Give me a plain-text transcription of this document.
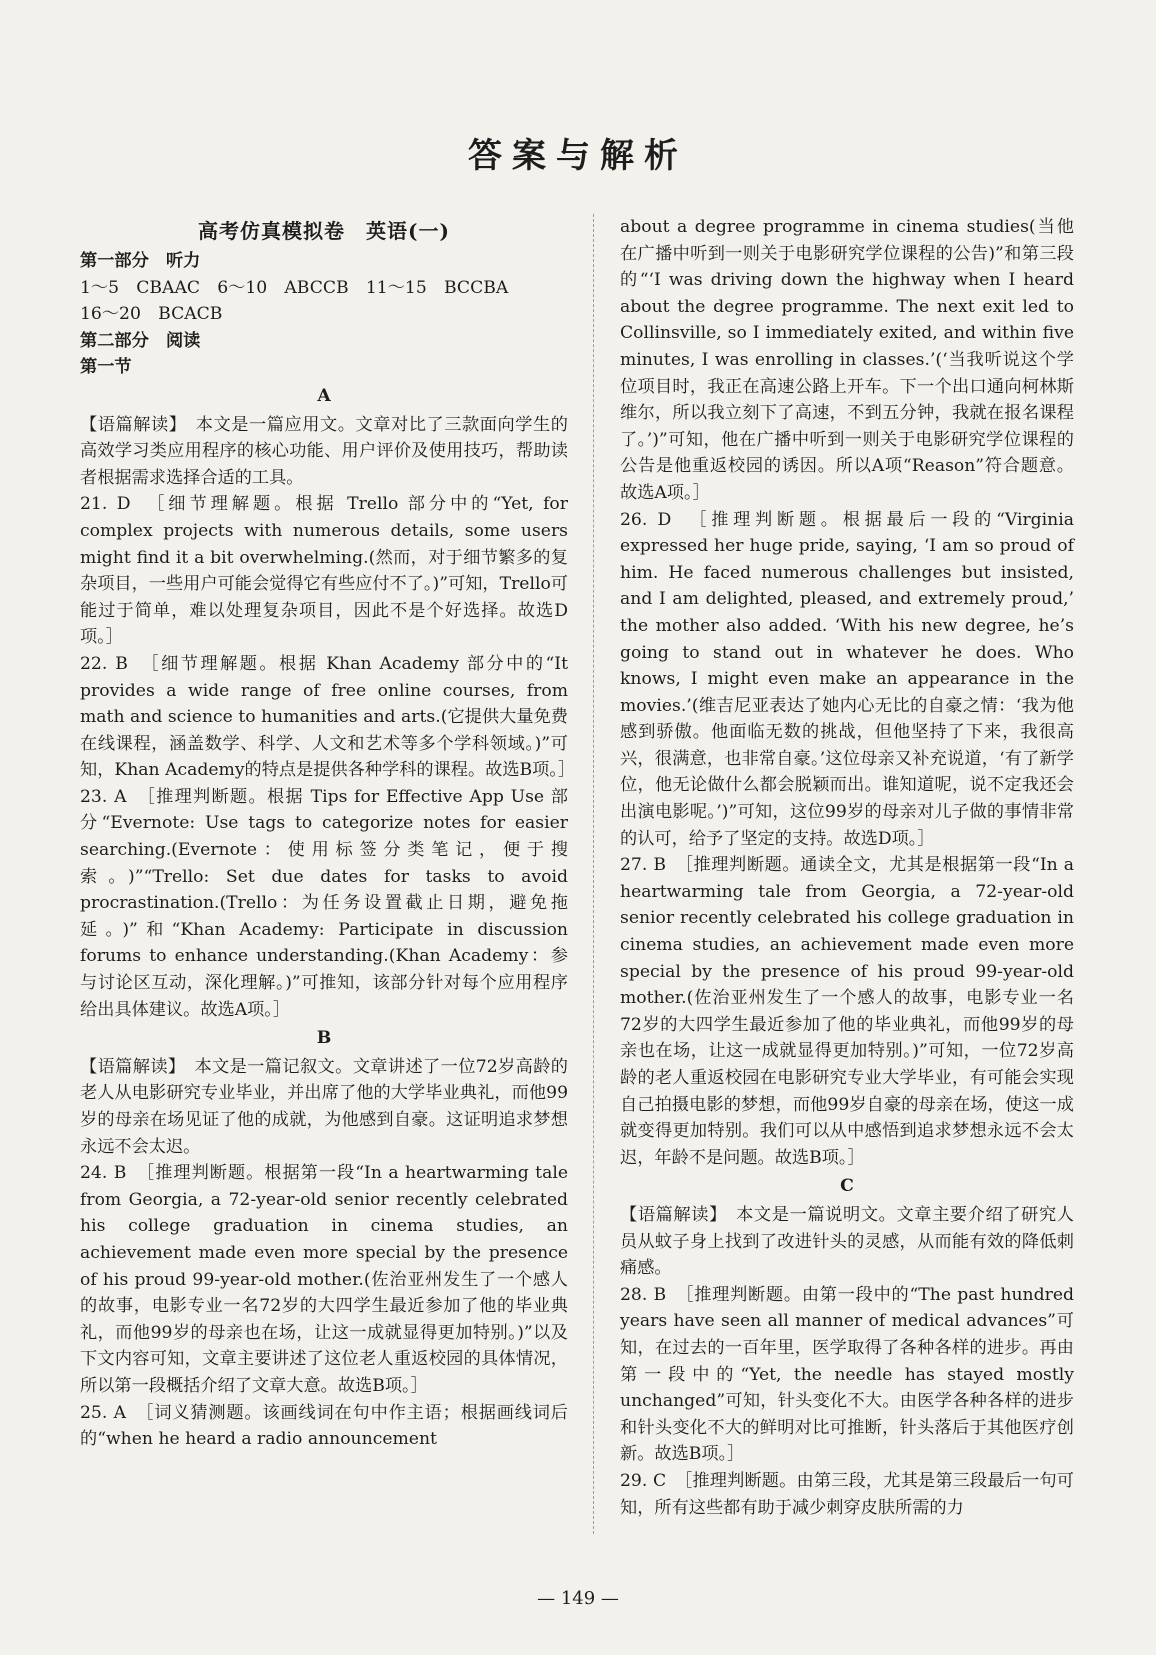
答案与解析
高考仿真模拟卷　英语(一)
第一部分　听力
1～5　CBAAC　6～10　ABCCB　11～15　BCCBA
16～20　BCACB
第二部分　阅读
第一节
A

【语篇解读】　本文是一篇应用文。文章对比了三款面向学生的高效学习类应用程序的核心功能、用户评价及使用技巧，帮助读者根据需求选择合适的工具。

21. D　［细节理解题。根据 Trello 部分中的“Yet, for complex projects with numerous details, some users might find it a bit overwhelming.(然而，对于细节繁多的复杂项目，一些用户可能会觉得它有些应付不了。)”可知，Trello可能过于简单，难以处理复杂项目，因此不是个好选择。故选D项。］

22. B　［细节理解题。根据 Khan Academy 部分中的“It provides a wide range of free online courses, from math and science to humanities and arts.(它提供大量免费在线课程，涵盖数学、科学、人文和艺术等多个学科领域。)”可知，Khan Academy的特点是提供各种学科的课程。故选B项。］

23. A　［推理判断题。根据 Tips for Effective App Use 部分“Evernote: Use tags to categorize notes for easier searching.(Evernote：使用标签分类笔记，便于搜索。)”“Trello: Set due dates for tasks to avoid procrastination.(Trello：为任务设置截止日期，避免拖延。)”和“Khan Academy: Participate in discussion forums to enhance understanding.(Khan Academy：参与讨论区互动，深化理解。)”可推知，该部分针对每个应用程序给出具体建议。故选A项。］

B

【语篇解读】　本文是一篇记叙文。文章讲述了一位72岁高龄的老人从电影研究专业毕业，并出席了他的大学毕业典礼，而他99岁的母亲在场见证了他的成就，为他感到自豪。这证明追求梦想永远不会太迟。

24. B　［推理判断题。根据第一段“In a heartwarming tale from Georgia, a 72-year-old senior recently celebrated his college graduation in cinema studies, an achievement made even more special by the presence of his proud 99-year-old mother.(佐治亚州发生了一个感人的故事，电影专业一名72岁的大四学生最近参加了他的毕业典礼，而他99岁的母亲也在场，让这一成就显得更加特别。)”以及下文内容可知，文章主要讲述了这位老人重返校园的具体情况，所以第一段概括介绍了文章大意。故选B项。］

25. A　［词义猜测题。该画线词在句中作主语；根据画线词后的“when he heard a radio announcement

about a degree programme in cinema studies(当他在广播中听到一则关于电影研究学位课程的公告)”和第三段的“‘I was driving down the highway when I heard about the degree programme. The next exit led to Collinsville, so I immediately exited, and within five minutes, I was enrolling in classes.’(‘当我听说这个学位项目时，我正在高速公路上开车。下一个出口通向柯林斯维尔，所以我立刻下了高速，不到五分钟，我就在报名课程了。’)”可知，他在广播中听到一则关于电影研究学位课程的公告是他重返校园的诱因。所以A项“Reason”符合题意。故选A项。］

26. D　［推理判断题。根据最后一段的“Virginia expressed her huge pride, saying, ‘I am so proud of him. He faced numerous challenges but insisted, and I am delighted, pleased, and extremely proud,’ the mother also added. ‘With his new degree, he’s going to stand out in whatever he does. Who knows, I might even make an appearance in the movies.’(维吉尼亚表达了她内心无比的自豪之情：‘我为他感到骄傲。他面临无数的挑战，但他坚持了下来，我很高兴，很满意，也非常自豪。’这位母亲又补充说道，‘有了新学位，他无论做什么都会脱颖而出。谁知道呢，说不定我还会出演电影呢。’)”可知，这位99岁的母亲对儿子做的事情非常的认可，给予了坚定的支持。故选D项。］

27. B　［推理判断题。通读全文，尤其是根据第一段“In a heartwarming tale from Georgia, a 72-year-old senior recently celebrated his college graduation in cinema studies, an achievement made even more special by the presence of his proud 99-year-old mother.(佐治亚州发生了一个感人的故事，电影专业一名72岁的大四学生最近参加了他的毕业典礼，而他99岁的母亲也在场，让这一成就显得更加特别。)”可知，一位72岁高龄的老人重返校园在电影研究专业大学毕业，有可能会实现自己拍摄电影的梦想，而他99岁自豪的母亲在场，使这一成就变得更加特别。我们可以从中感悟到追求梦想永远不会太迟，年龄不是问题。故选B项。］

C

【语篇解读】　本文是一篇说明文。文章主要介绍了研究人员从蚊子身上找到了改进针头的灵感，从而能有效的降低刺痛感。

28. B　［推理判断题。由第一段中的“The past hundred years have seen all manner of medical advances”可知，在过去的一百年里，医学取得了各种各样的进步。再由第一段中的“Yet, the needle has stayed mostly unchanged”可知，针头变化不大。由医学各种各样的进步和针头变化不大的鲜明对比可推断，针头落后于其他医疗创新。故选B项。］

29. C　［推理判断题。由第三段，尤其是第三段最后一句可知，所有这些都有助于减少刺穿皮肤所需的力

— 149 —
